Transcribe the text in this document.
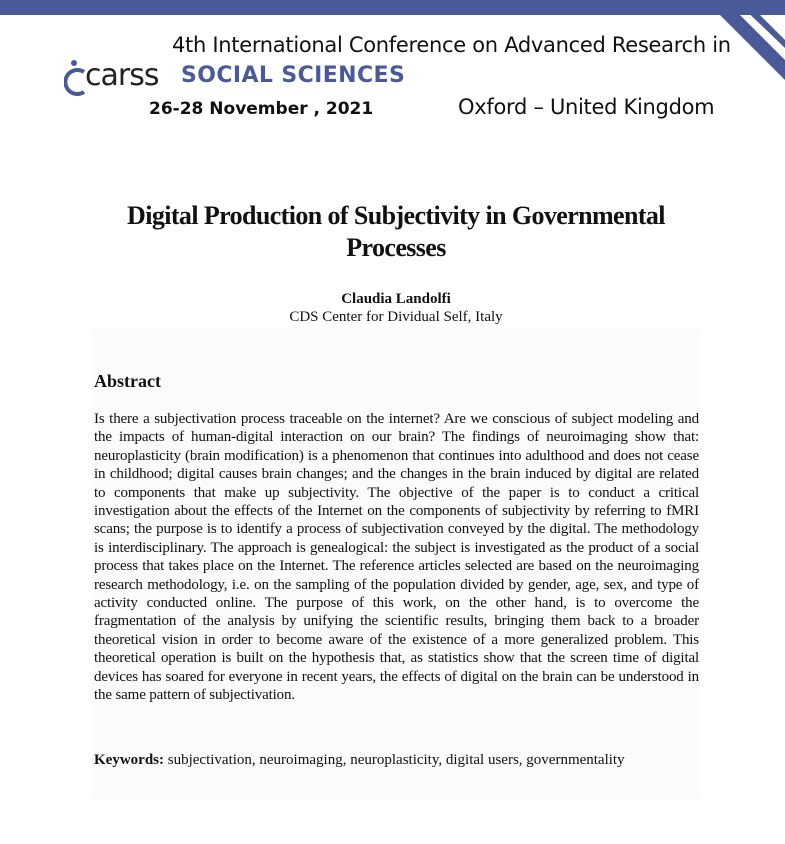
4th International Conference on Advanced Research in
carss SOCIAL SCIENCES
26-28 November , 2021	Oxford – United Kingdom
Digital Production of Subjectivity in Governmental Processes
Claudia Landolfi
CDS Center for Dividual Self, Italy
Abstract
Is there a subjectivation process traceable on the internet? Are we conscious of subject modeling and the impacts of human-digital interaction on our brain? The findings of neuroimaging show that: neuroplasticity (brain modification) is a phenomenon that continues into adulthood and does not cease in childhood; digital causes brain changes; and the changes in the brain induced by digital are related to components that make up subjectivity. The objective of the paper is to conduct a critical investigation about the effects of the Internet on the components of subjectivity by referring to fMRI scans; the purpose is to identify a process of subjectivation conveyed by the digital. The methodology is interdisciplinary. The approach is genealogical: the subject is investigated as the product of a social process that takes place on the Internet. The reference articles selected are based on the neuroimaging research methodology, i.e. on the sampling of the population divided by gender, age, sex, and type of activity conducted online. The purpose of this work, on the other hand, is to overcome the fragmentation of the analysis by unifying the scientific results, bringing them back to a broader theoretical vision in order to become aware of the existence of a more generalized problem. This theoretical operation is built on the hypothesis that, as statistics show that the screen time of digital devices has soared for everyone in recent years, the effects of digital on the brain can be understood in the same pattern of subjectivation.
Keywords: subjectivation, neuroimaging, neuroplasticity, digital users, governmentality
